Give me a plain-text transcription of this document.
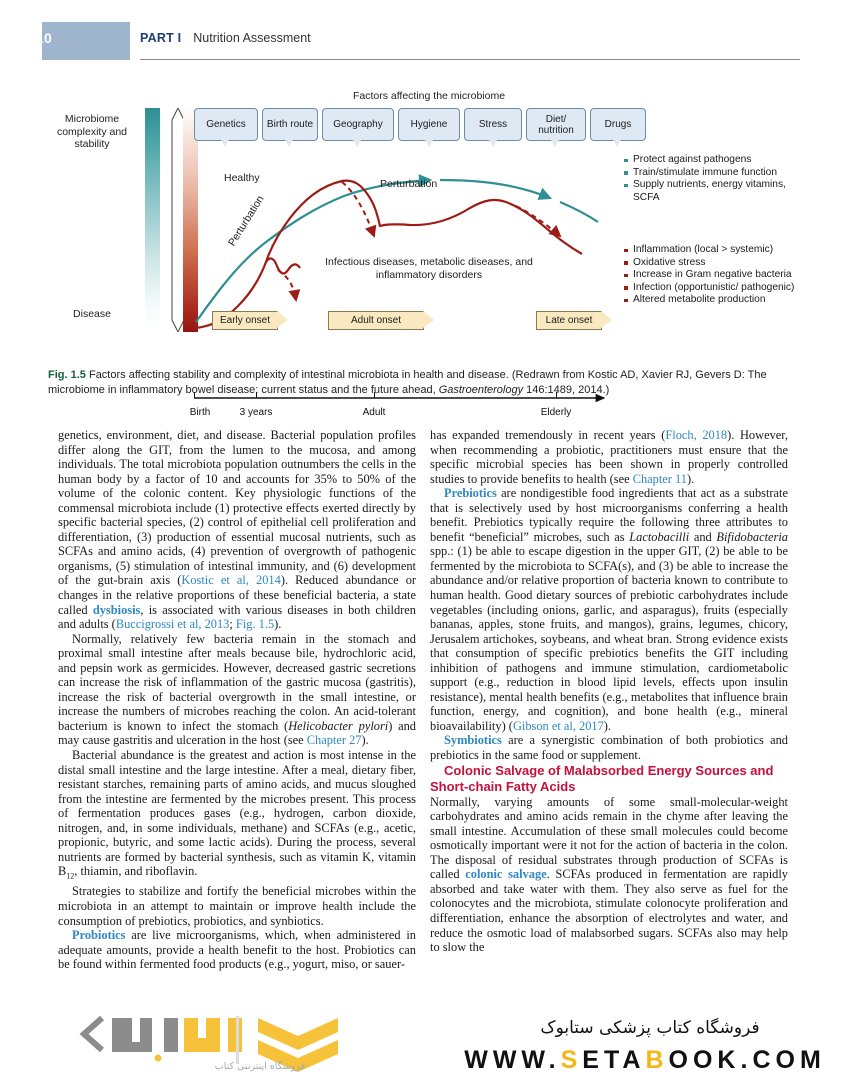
10	PART I Nutrition Assessment
Factors affecting the microbiome
Microbiome complexity and stability
Disease
Genetics Birth route Geography	Hygiene	Stress	Diet/ nutrition	Drugs
Healthy	Perturbation
Perturbation
Infectious diseases, metabolic diseases, and inflammatory disorders
Early onset	Adult onset	Late onset
Birth	3 years	Adult	Elderly
Protect against pathogens
Train/stimulate immune function
Supply nutrients, energy vitamins, SCFA
Inflammation (local > systemic)
Oxidative stress
Increase in Gram negative bacteria
Infection (opportunistic/ pathogenic)
Altered metabolite production
Fig. 1.5 Factors affecting stability and complexity of intestinal microbiota in health and disease. (Redrawn from Kostic AD, Xavier RJ, Gevers D: The microbiome in inflammatory bowel disease: current status and the future ahead, Gastroenterology 146:1489, 2014.)

genetics, environment, diet, and disease. Bacterial population profiles differ along the GIT, from the lumen to the mucosa, and among individuals. The total microbiota population outnumbers the cells in the human body by a factor of 10 and accounts for 35% to 50% of the volume of the colonic content. Key physiologic functions of the commensal microbiota include (1) protective effects exerted directly by specific bacterial species, (2) control of epithelial cell proliferation and differentiation, (3) production of essential mucosal nutrients, such as SCFAs and amino acids, (4) prevention of overgrowth of pathogenic organisms, (5) stimulation of intestinal immunity, and (6) development of the gut-brain axis (Kostic et al, 2014). Reduced abundance or changes in the relative proportions of these beneficial bacteria, a state called dysbiosis, is associated with various diseases in both children and adults (Buccigrossi et al, 2013; Fig. 1.5).

Normally, relatively few bacteria remain in the stomach and proximal small intestine after meals because bile, hydrochloric acid, and pepsin work as germicides. However, decreased gastric secretions can increase the risk of inflammation of the gastric mucosa (gastritis), increase the risk of bacterial overgrowth in the small intestine, or increase the numbers of microbes reaching the colon. An acid-tolerant bacterium is known to infect the stomach (Helicobacter pylori) and may cause gastritis and ulceration in the host (see Chapter 27).

Bacterial abundance is the greatest and action is most intense in the distal small intestine and the large intestine. After a meal, dietary fiber, resistant starches, remaining parts of amino acids, and mucus sloughed from the intestine are fermented by the microbes present. This process of fermentation produces gases (e.g., hydrogen, carbon dioxide, nitrogen, and, in some individuals, methane) and SCFAs (e.g., acetic, propionic, butyric, and some lactic acids). During the process, several nutrients are formed by bacterial synthesis, such as vitamin K, vitamin $B_{12}$, thiamin, and riboflavin.

Strategies to stabilize and fortify the beneficial microbes within the microbiota in an attempt to maintain or improve health include the consumption of prebiotics, probiotics, and synbiotics.

Probiotics are live microorganisms, which, when administered in adequate amounts, provide a health benefit to the host. Probiotics can be found within fermented food products (e.g., yogurt, miso, or sauer-

has expanded tremendously in recent years (Floch, 2018). However, when recommending a probiotic, practitioners must ensure that the specific microbial species has been shown in properly controlled studies to provide benefits to health (see Chapter 11).

Prebiotics are nondigestible food ingredients that act as a substrate that is selectively used by host microorganisms conferring a health benefit. Prebiotics typically require the following three attributes to benefit “beneficial” microbes, such as Lactobacilli and Bifidobacteria spp.: (1) be able to escape digestion in the upper GIT, (2) be able to be fermented by the microbiota to SCFA(s), and (3) be able to increase the abundance and/or relative proportion of bacteria known to contribute to human health. Good dietary sources of prebiotic carbohydrates include vegetables (including onions, garlic, and asparagus), fruits (especially bananas, apples, stone fruits, and mangos), grains, legumes, chicory, Jerusalem artichokes, soybeans, and wheat bran. Strong evidence exists that consumption of specific prebiotics benefits the GIT including inhibition of pathogens and immune stimulation, cardiometabolic support (e.g., reduction in blood lipid levels, effects upon insulin resistance), mental health benefits (e.g., metabolites that influence brain function, energy, and cognition), and bone health (e.g., mineral bioavailability) (Gibson et al, 2017).

Symbiotics are a synergistic combination of both probiotics and prebiotics in the same food or supplement.

Colonic Salvage of Malabsorbed Energy Sources and Short-chain Fatty Acids

Normally, varying amounts of some small-molecular-weight carbohydrates and amino acids remain in the chyme after leaving the small intestine. Accumulation of these small molecules could become osmotically important were it not for the action of bacteria in the colon. The disposal of residual substrates through production of SCFAs is called colonic salvage. SCFAs produced in fermentation are rapidly absorbed and take water with them. They also serve as fuel for the colonocytes and the microbiota, stimulate colonocyte proliferation and differentiation, enhance the absorption of electrolytes and water, and reduce the osmotic load of malabsorbed sugars. SCFAs also may help to slow the

فروشگاه اینترنتی کتاب
فروشگاه کتاب پزشکی ستابوک
WWW.SETABOOK.COM
